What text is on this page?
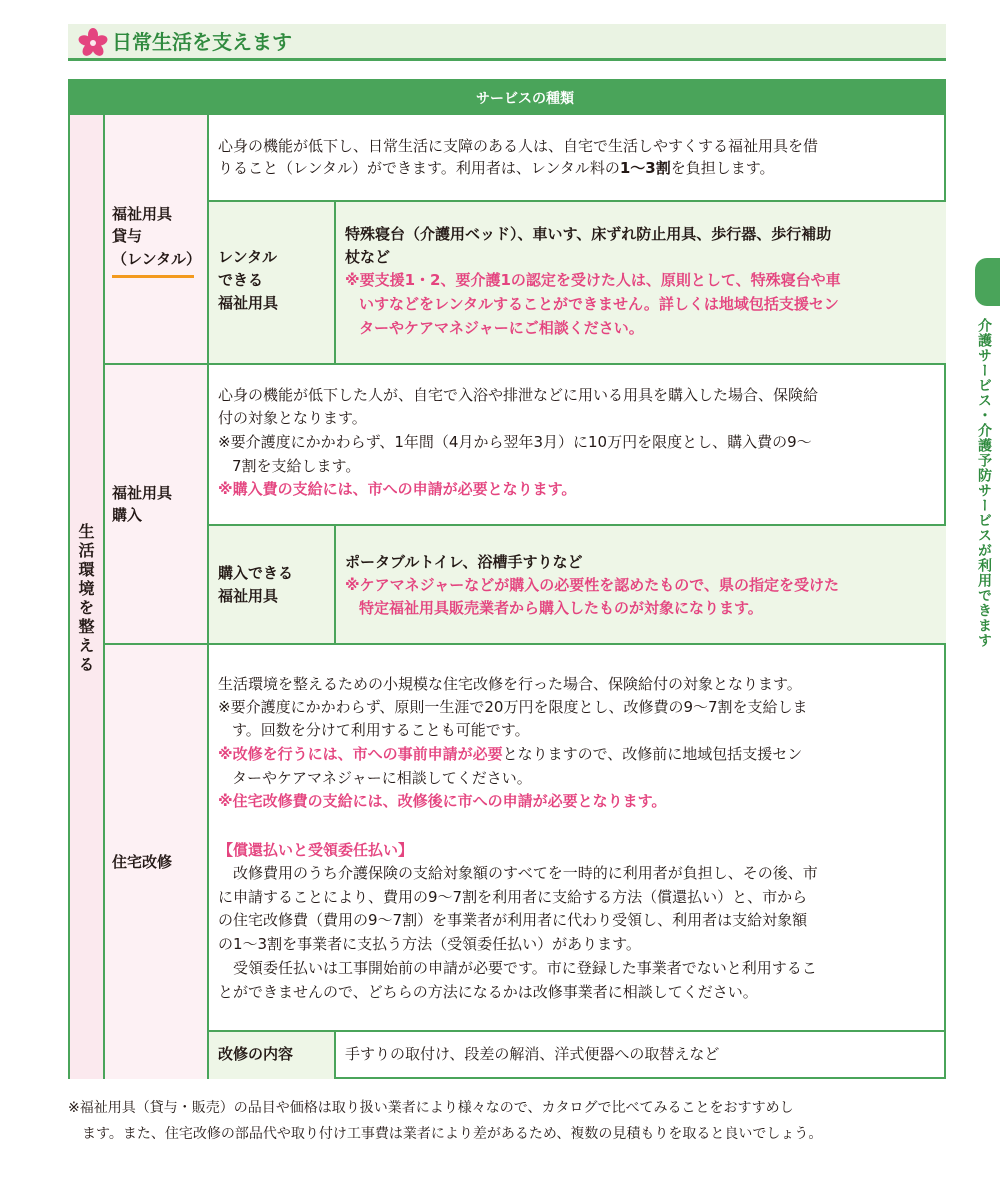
日常生活を支えます
サービスの種類
生活環境を整える
福祉用具
貸与
（レンタル）
心身の機能が低下し、日常生活に支障のある人は、自宅で生活しやすくする福祉用具を借
りること（レンタル）ができます。利用者は、レンタル料の1〜3割を負担します。
レンタル
できる
福祉用具
特殊寝台（介護用ベッド）、車いす、床ずれ防止用具、歩行器、歩行補助
杖など
※要支援1・2、要介護1の認定を受けた人は、原則として、特殊寝台や車
いすなどをレンタルすることができません。詳しくは地域包括支援セン
ターやケアマネジャーにご相談ください。
福祉用具
購入
心身の機能が低下した人が、自宅で入浴や排泄などに用いる用具を購入した場合、保険給
付の対象となります。
※要介護度にかかわらず、1年間（4月から翌年3月）に10万円を限度とし、購入費の9〜
7割を支給します。
※購入費の支給には、市への申請が必要となります。
購入できる
福祉用具
ポータブルトイレ、浴槽手すりなど
※ケアマネジャーなどが購入の必要性を認めたもので、県の指定を受けた
特定福祉用具販売業者から購入したものが対象になります。
住宅改修
生活環境を整えるための小規模な住宅改修を行った場合、保険給付の対象となります。
※要介護度にかかわらず、原則一生涯で20万円を限度とし、改修費の9〜7割を支給しま
す。回数を分けて利用することも可能です。
※改修を行うには、市への事前申請が必要となりますので、改修前に地域包括支援セン
ターやケアマネジャーに相談してください。
※住宅改修費の支給には、改修後に市への申請が必要となります。
【償還払いと受領委任払い】
　改修費用のうち介護保険の支給対象額のすべてを一時的に利用者が負担し、その後、市
に申請することにより、費用の9〜7割を利用者に支給する方法（償還払い）と、市から
の住宅改修費（費用の9〜7割）を事業者が利用者に代わり受領し、利用者は支給対象額
の1〜3割を事業者に支払う方法（受領委任払い）があります。
　受領委任払いは工事開始前の申請が必要です。市に登録した事業者でないと利用するこ
とができませんので、どちらの方法になるかは改修事業者に相談してください。
改修の内容	手すりの取付け、段差の解消、洋式便器への取替えなど
介護サービス・介護予防サービスが利用できます
※福祉用具（貸与・販売）の品目や価格は取り扱い業者により様々なので、カタログで比べてみることをおすすめし
ます。また、住宅改修の部品代や取り付け工事費は業者により差があるため、複数の見積もりを取ると良いでしょう。
